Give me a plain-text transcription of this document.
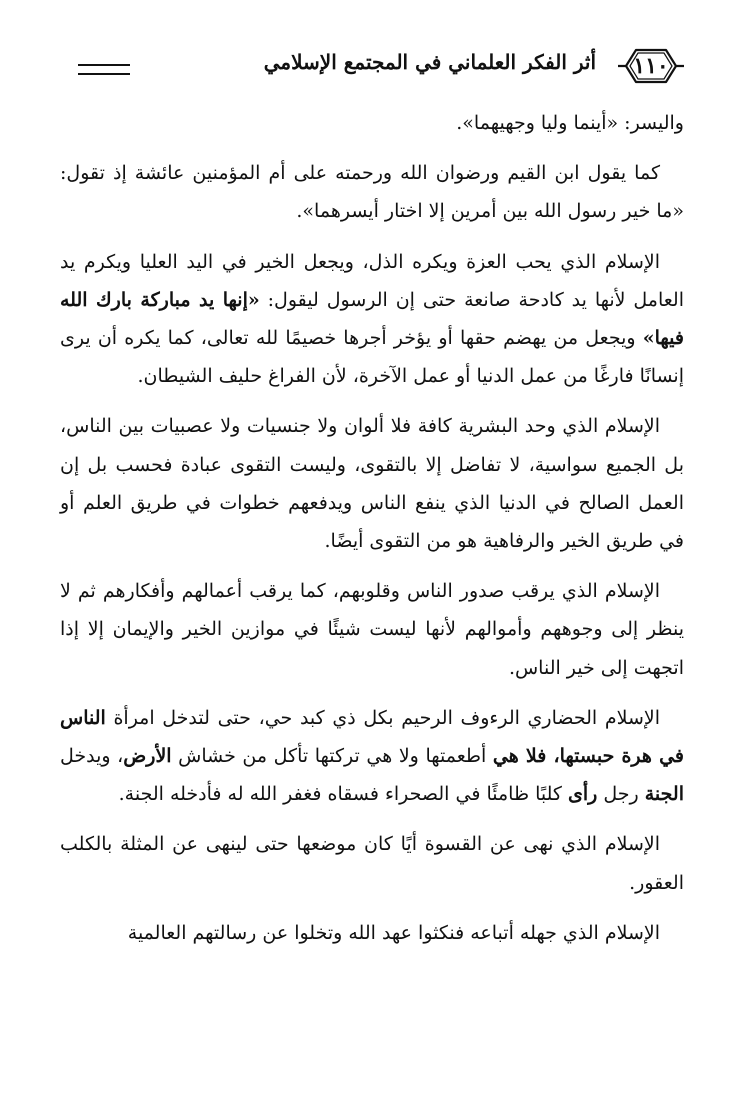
١١٠
أثر الفكر العلماني في المجتمع الإسلامي

واليسر: «أينما وليا وجهيهما».

كما يقول ابن القيم ورضوان الله ورحمته على أم المؤمنين عائشة إذ تقول: «ما خير رسول الله بين أمرين إلا اختار أيسرهما».

الإسلام الذي يحب العزة ويكره الذل، ويجعل الخير في اليد العليا ويكرم يد العامل لأنها يد كادحة صانعة حتى إن الرسول ليقول: «إنها يد مباركة بارك الله فيها» ويجعل من يهضم حقها أو يؤخر أجرها خصيمًا لله تعالى، كما يكره أن يرى إنسانًا فارغًا من عمل الدنيا أو عمل الآخرة، لأن الفراغ حليف الشيطان.

الإسلام الذي وحد البشرية كافة فلا ألوان ولا جنسيات ولا عصبيات بين الناس، بل الجميع سواسية، لا تفاضل إلا بالتقوى، وليست التقوى عبادة فحسب بل إن العمل الصالح في الدنيا الذي ينفع الناس ويدفعهم خطوات في طريق العلم أو في طريق الخير والرفاهية هو من التقوى أيضًا.

الإسلام الذي يرقب صدور الناس وقلوبهم، كما يرقب أعمالهم وأفكارهم ثم لا ينظر إلى وجوههم وأموالهم لأنها ليست شيئًا في موازين الخير والإيمان إلا إذا اتجهت إلى خير الناس.

الإسلام الحضاري الرءوف الرحيم بكل ذي كبد حي، حتى لتدخل امرأة الناس في هرة حبستها، فلا هي أطعمتها ولا هي تركتها تأكل من خشاش الأرض، ويدخل الجنة رجل رأى كلبًا ظامئًا في الصحراء فسقاه فغفر الله له فأدخله الجنة.

الإسلام الذي نهى عن القسوة أيًا كان موضعها حتى لينهى عن المثلة بالكلب العقور.

الإسلام الذي جهله أتباعه فنكثوا عهد الله وتخلوا عن رسالتهم العالمية
